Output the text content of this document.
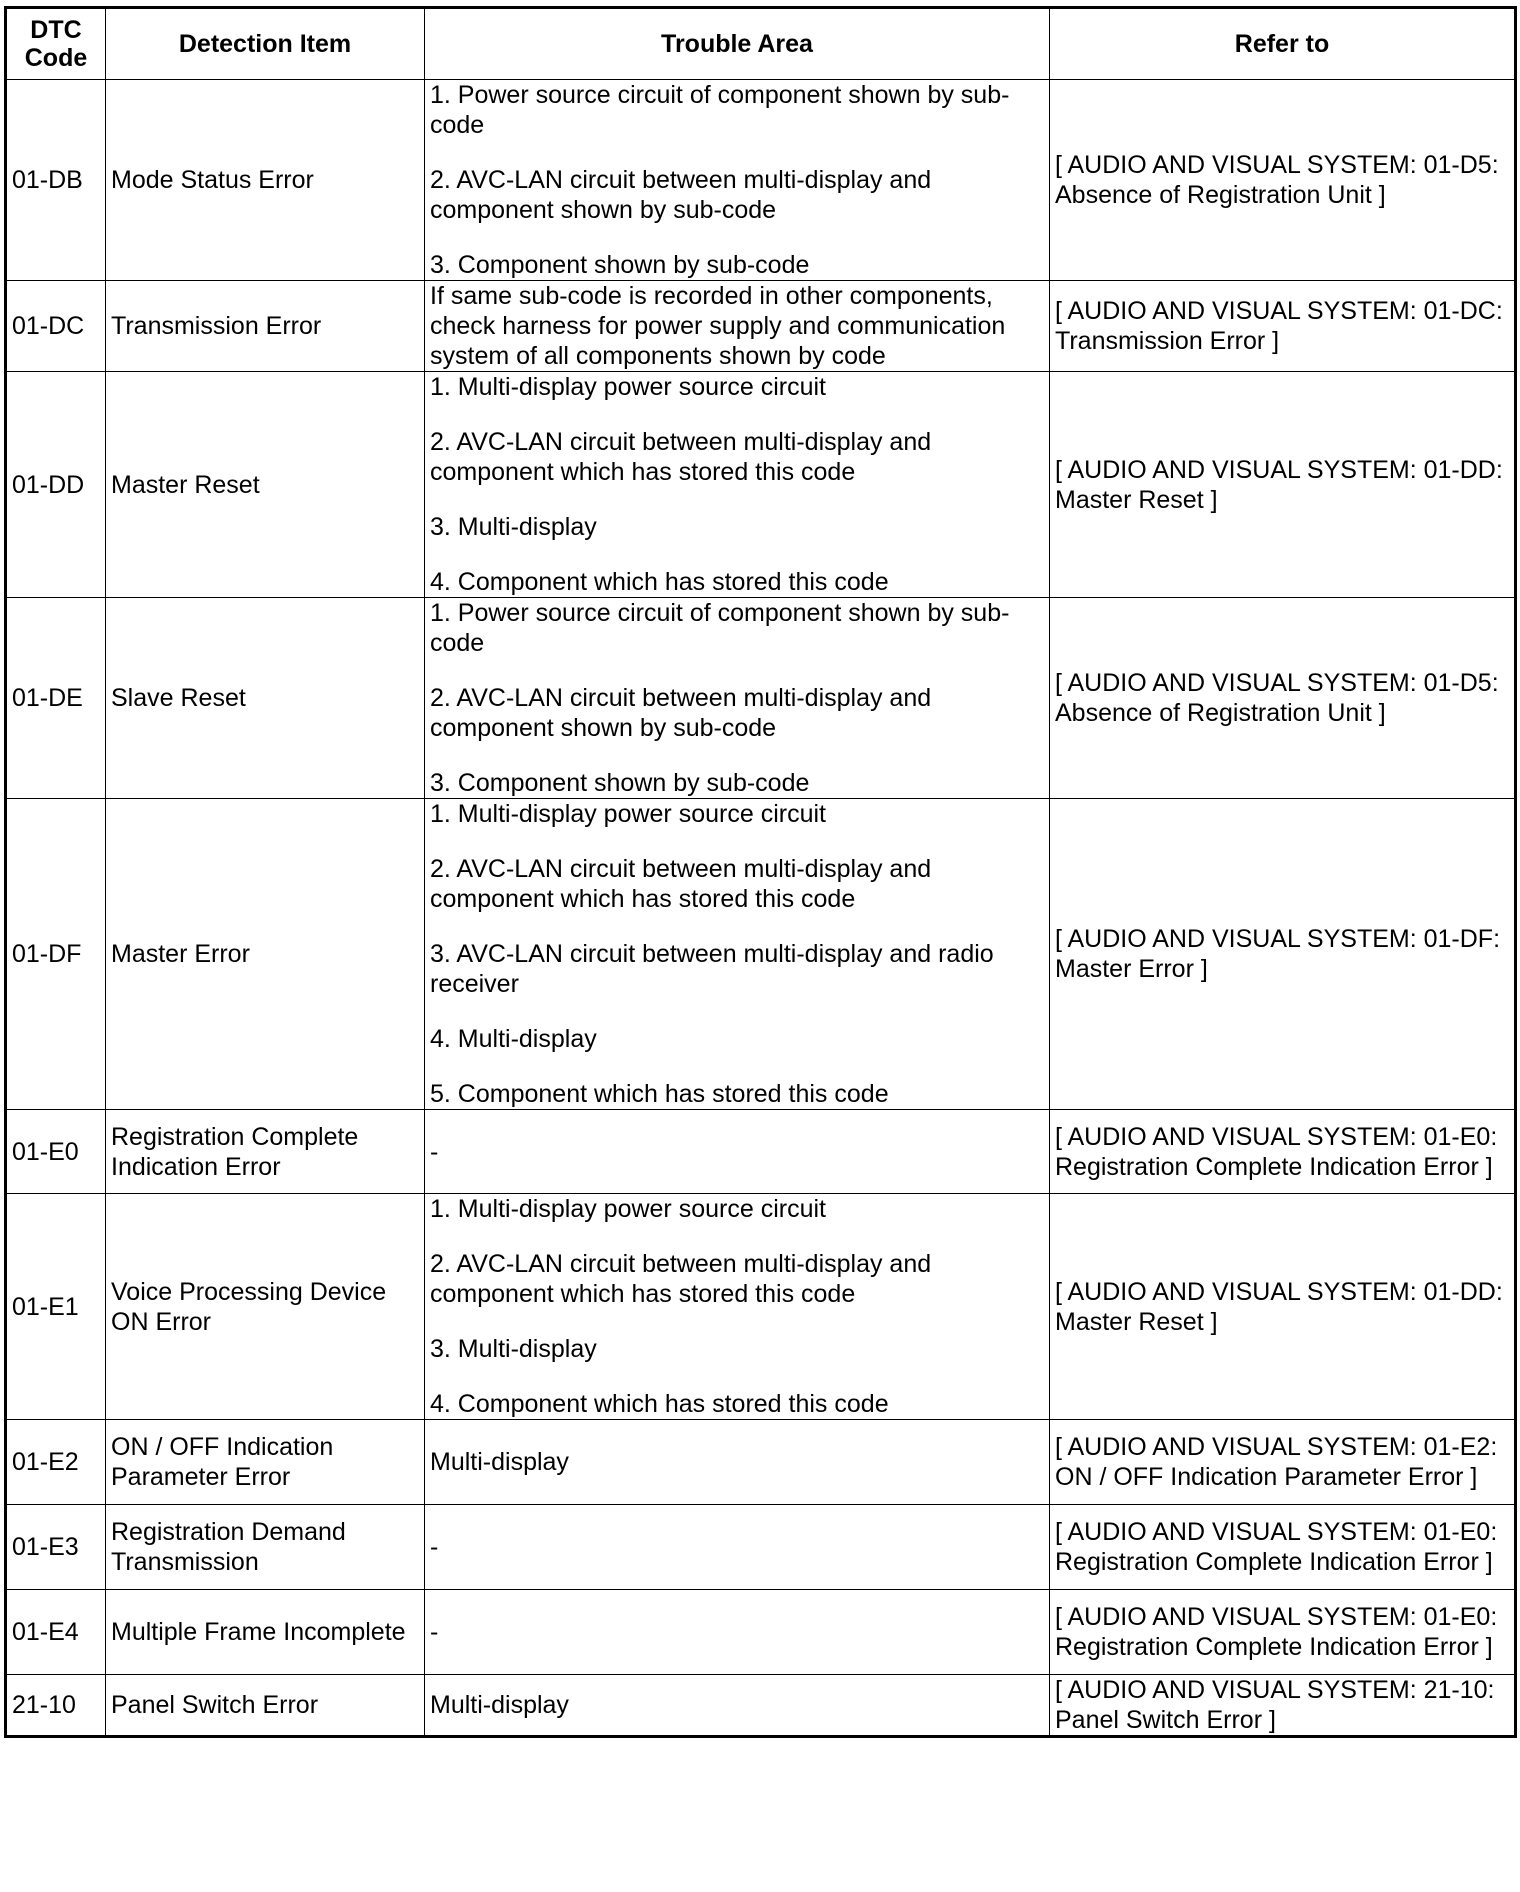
DTC
Code	Detection Item	Trouble Area	Refer to
01-DB	Mode Status Error	1. Power source circuit of component shown by sub-code

2. AVC-LAN circuit between multi-display and component shown by sub-code

3. Component shown by sub-code	[ AUDIO AND VISUAL SYSTEM: 01-D5: Absence of Registration Unit ]
01-DC	Transmission Error	If same sub-code is recorded in other components, check harness for power supply and communication system of all components shown by code	[ AUDIO AND VISUAL SYSTEM: 01-DC: Transmission Error ]
01-DD	Master Reset	1. Multi-display power source circuit

2. AVC-LAN circuit between multi-display and component which has stored this code

3. Multi-display

4. Component which has stored this code	[ AUDIO AND VISUAL SYSTEM: 01-DD: Master Reset ]
01-DE	Slave Reset	1. Power source circuit of component shown by sub-code

2. AVC-LAN circuit between multi-display and component shown by sub-code

3. Component shown by sub-code	[ AUDIO AND VISUAL SYSTEM: 01-D5: Absence of Registration Unit ]
01-DF	Master Error	1. Multi-display power source circuit

2. AVC-LAN circuit between multi-display and component which has stored this code

3. AVC-LAN circuit between multi-display and radio receiver

4. Multi-display

5. Component which has stored this code	[ AUDIO AND VISUAL SYSTEM: 01-DF: Master Error ]
01-E0	Registration Complete Indication Error	-	[ AUDIO AND VISUAL SYSTEM: 01-E0: Registration Complete Indication Error ]
01-E1	Voice Processing Device ON Error	1. Multi-display power source circuit

2. AVC-LAN circuit between multi-display and component which has stored this code

3. Multi-display

4. Component which has stored this code	[ AUDIO AND VISUAL SYSTEM: 01-DD: Master Reset ]
01-E2	ON / OFF Indication Parameter Error	Multi-display	[ AUDIO AND VISUAL SYSTEM: 01-E2: ON / OFF Indication Parameter Error ]
01-E3	Registration Demand Transmission	-	[ AUDIO AND VISUAL SYSTEM: 01-E0: Registration Complete Indication Error ]
01-E4	Multiple Frame Incomplete	-	[ AUDIO AND VISUAL SYSTEM: 01-E0: Registration Complete Indication Error ]
21-10	Panel Switch Error	Multi-display	[ AUDIO AND VISUAL SYSTEM: 21-10: Panel Switch Error ]
